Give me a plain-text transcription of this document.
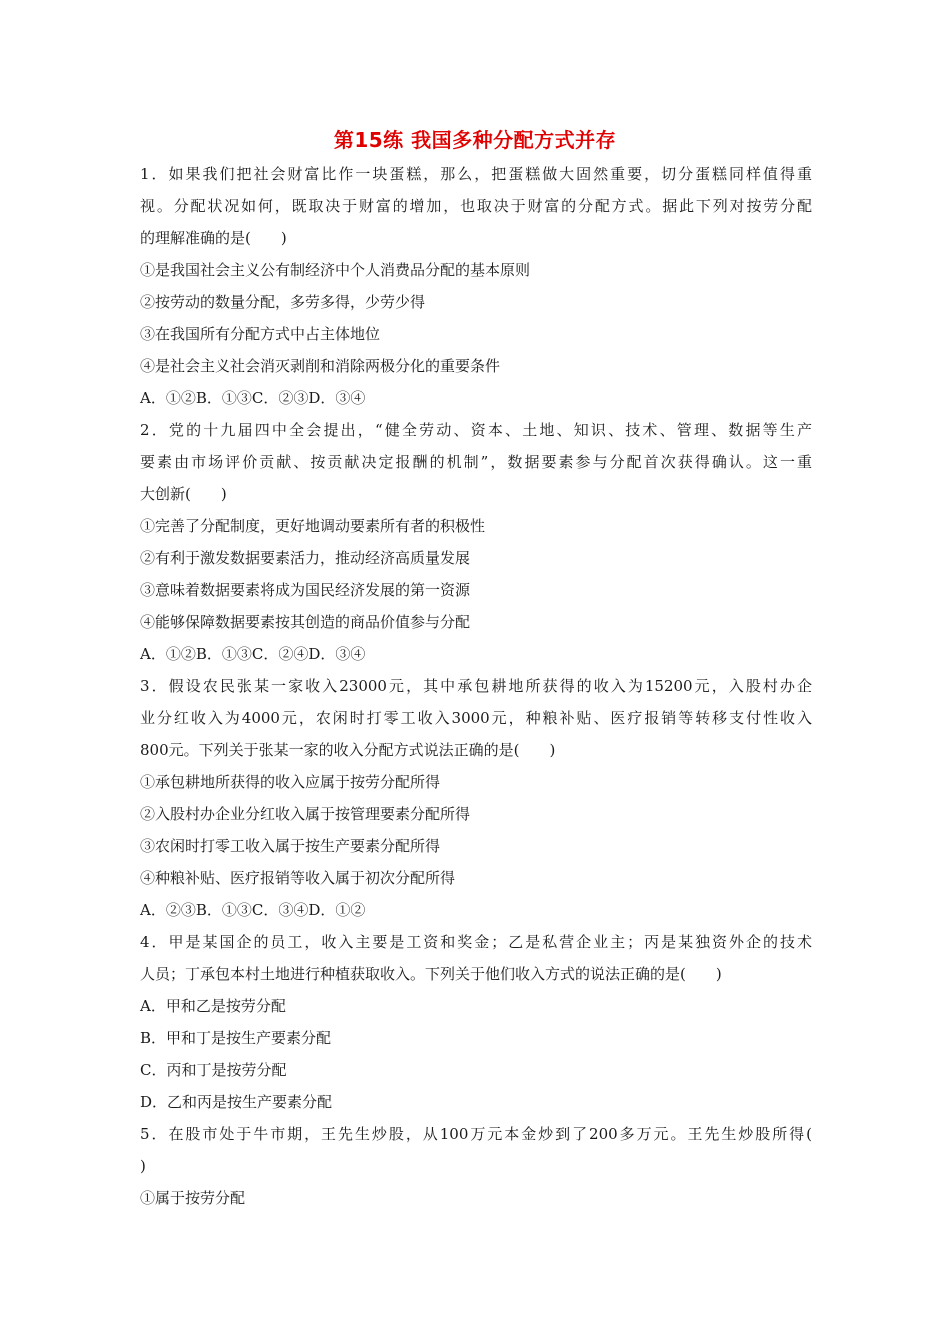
第15练 我国多种分配方式并存
1．如果我们把社会财富比作一块蛋糕，那么，把蛋糕做大固然重要，切分蛋糕同样值得重
视。分配状况如何，既取决于财富的增加，也取决于财富的分配方式。据此下列对按劳分配
的理解准确的是(　　)
①是我国社会主义公有制经济中个人消费品分配的基本原则
②按劳动的数量分配，多劳多得，少劳少得
③在我国所有分配方式中占主体地位
④是社会主义社会消灭剥削和消除两极分化的重要条件
A．①②B．①③C．②③D．③④
2．党的十九届四中全会提出，“健全劳动、资本、土地、知识、技术、管理、数据等生产
要素由市场评价贡献、按贡献决定报酬的机制”，数据要素参与分配首次获得确认。这一重
大创新(　　)
①完善了分配制度，更好地调动要素所有者的积极性
②有利于激发数据要素活力，推动经济高质量发展
③意味着数据要素将成为国民经济发展的第一资源
④能够保障数据要素按其创造的商品价值参与分配
A．①②B．①③C．②④D．③④
3．假设农民张某一家收入23000元，其中承包耕地所获得的收入为15200元，入股村办企
业分红收入为4000元，农闲时打零工收入3000元，种粮补贴、医疗报销等转移支付性收入
800元。下列关于张某一家的收入分配方式说法正确的是(　　)
①承包耕地所获得的收入应属于按劳分配所得
②入股村办企业分红收入属于按管理要素分配所得
③农闲时打零工收入属于按生产要素分配所得
④种粮补贴、医疗报销等收入属于初次分配所得
A．②③B．①③C．③④D．①②
4．甲是某国企的员工，收入主要是工资和奖金；乙是私营企业主；丙是某独资外企的技术
人员；丁承包本村土地进行种植获取收入。下列关于他们收入方式的说法正确的是(　　)
A．甲和乙是按劳分配
B．甲和丁是按生产要素分配
C．丙和丁是按劳分配
D．乙和丙是按生产要素分配
5．在股市处于牛市期，王先生炒股，从100万元本金炒到了200多万元。王先生炒股所得(
)
①属于按劳分配
